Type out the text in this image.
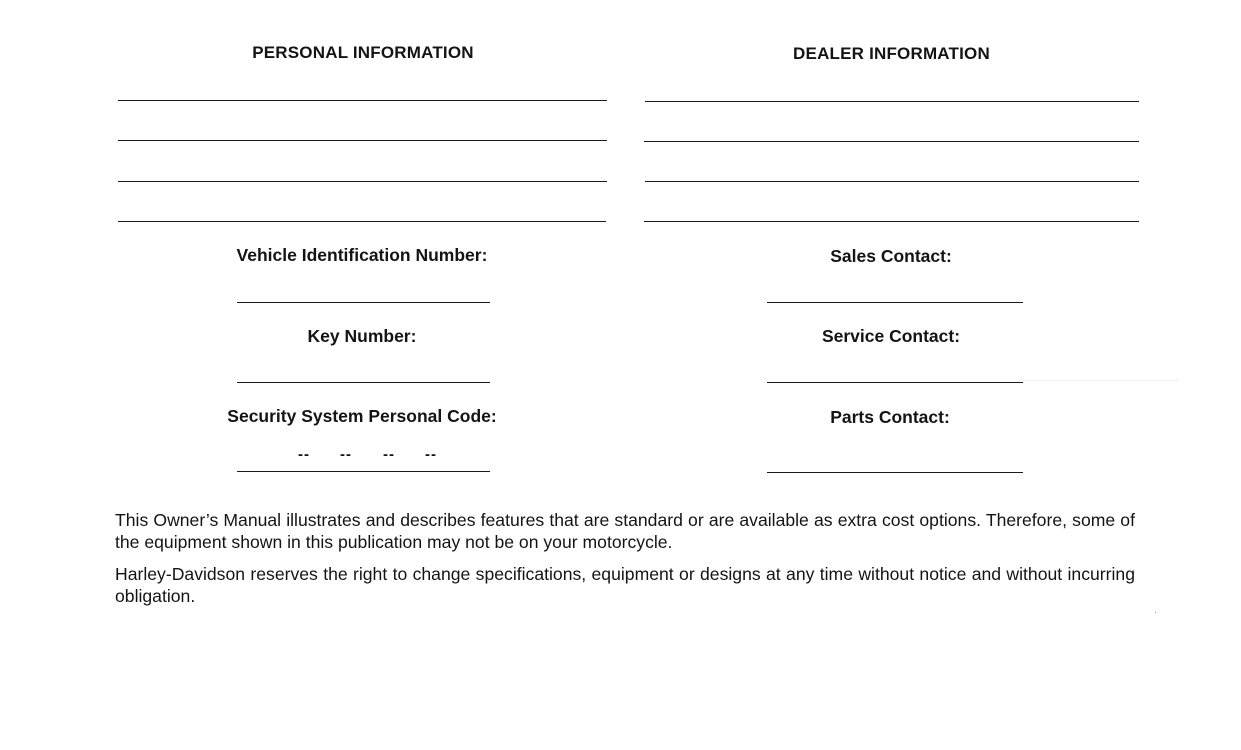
PERSONAL INFORMATION	DEALER INFORMATION
Vehicle Identification Number:
Key Number:
Security System Personal Code:
-- -- -- --
Sales Contact:
Service Contact:
Parts Contact:
This Owner’s Manual illustrates and describes features that are standard or are available as extra cost options. Therefore, some of the equipment shown in this publication may not be on your motorcycle.
Harley-Davidson reserves the right to change specifications, equipment or designs at any time without notice and without incurring obligation.
